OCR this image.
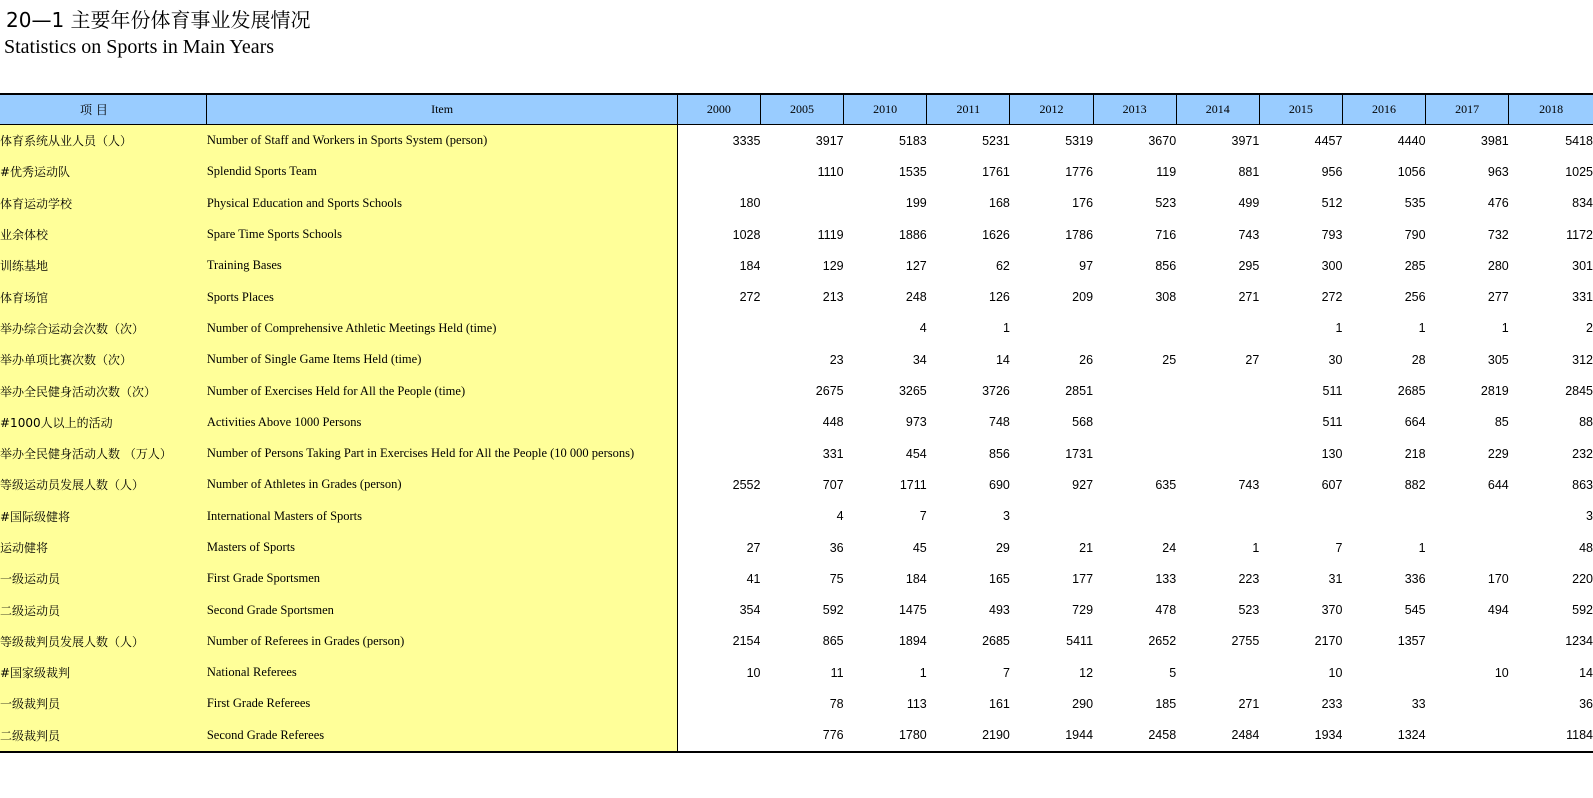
20—1 主要年份体育事业发展情况
Statistics on Sports in Main Years
项 目	Item	2000	2005	2010	2011	2012	2013	2014	2015	2016	2017	2018
体育系统从业人员（人）	Number of Staff and Workers in Sports System (person)	3335	3917	5183	5231	5319	3670	3971	4457	4440	3981	5418
#优秀运动队	Splendid Sports Team		1110	1535	1761	1776	119	881	956	1056	963	1025
体育运动学校	Physical Education and Sports Schools	180		199	168	176	523	499	512	535	476	834
业余体校	Spare Time Sports Schools	1028	1119	1886	1626	1786	716	743	793	790	732	1172
训练基地	Training Bases	184	129	127	62	97	856	295	300	285	280	301
体育场馆	Sports Places	272	213	248	126	209	308	271	272	256	277	331
举办综合运动会次数（次）	Number of Comprehensive Athletic Meetings Held (time)			4	1				1	1	1	2
举办单项比赛次数（次）	Number of Single Game Items Held (time)		23	34	14	26	25	27	30	28	305	312
举办全民健身活动次数（次）	Number of Exercises Held for All the People (time)		2675	3265	3726	2851			511	2685	2819	2845
#1000人以上的活动	Activities Above 1000 Persons		448	973	748	568			511	664	85	88
举办全民健身活动人数 （万人）	Number of Persons Taking Part in Exercises Held for All the People (10 000 persons)		331	454	856	1731			130	218	229	232
等级运动员发展人数（人）	Number of Athletes in Grades (person)	2552	707	1711	690	927	635	743	607	882	644	863
#国际级健将	International Masters of Sports		4	7	3							3
运动健将	Masters of Sports	27	36	45	29	21	24	1	7	1		48
一级运动员	First Grade Sportsmen	41	75	184	165	177	133	223	31	336	170	220
二级运动员	Second Grade Sportsmen	354	592	1475	493	729	478	523	370	545	494	592
等级裁判员发展人数（人）	Number of Referees in Grades (person)	2154	865	1894	2685	5411	2652	2755	2170	1357		1234
#国家级裁判	National Referees	10	11	1	7	12	5		10		10	14
一级裁判员	First Grade Referees		78	113	161	290	185	271	233	33		36
二级裁判员	Second Grade Referees		776	1780	2190	1944	2458	2484	1934	1324		1184
